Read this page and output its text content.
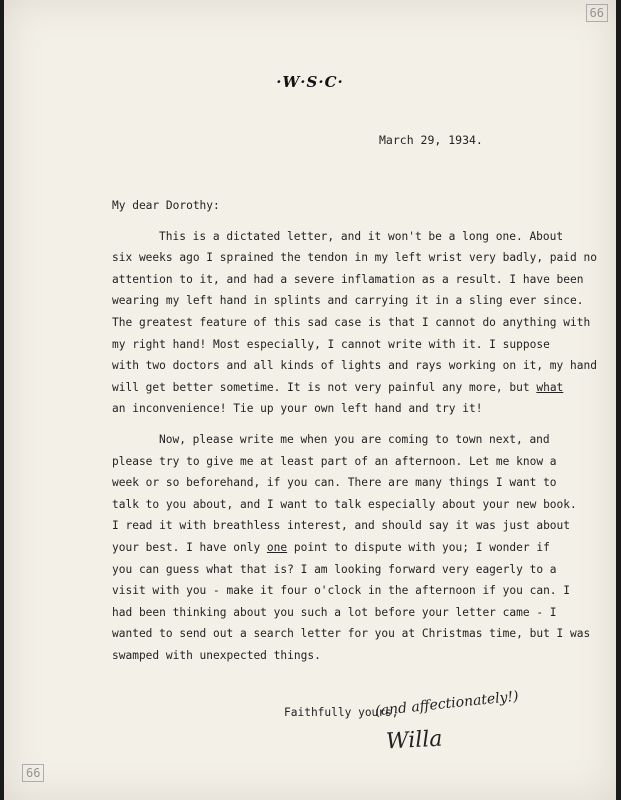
66
·W·S·C·
March 29, 1934.
My dear Dorothy:
This is a dictated letter, and it won't be a long one. About
six weeks ago I sprained the tendon in my left wrist very badly, paid no
attention to it, and had a severe inflamation as a result. I have been
wearing my left hand in splints and carrying it in a sling ever since.
The greatest feature of this sad case is that I cannot do anything with
my right hand! Most especially, I cannot write with it. I suppose
with two doctors and all kinds of lights and rays working on it, my hand
will get better sometime. It is not very painful any more, but what
an inconvenience! Tie up your own left hand and try it!
Now, please write me when you are coming to town next, and
please try to give me at least part of an afternoon. Let me know a
week or so beforehand, if you can. There are many things I want to
talk to you about, and I want to talk especially about your new book.
I read it with breathless interest, and should say it was just about
your best. I have only one point to dispute with you; I wonder if
you can guess what that is? I am looking forward very eagerly to a
visit with you - make it four o'clock in the afternoon if you can. I
had been thinking about you such a lot before your letter came - I
wanted to send out a search letter for you at Christmas time, but I was
swamped with unexpected things.
Faithfully yours,
(and affectionately!)
Willa
66
